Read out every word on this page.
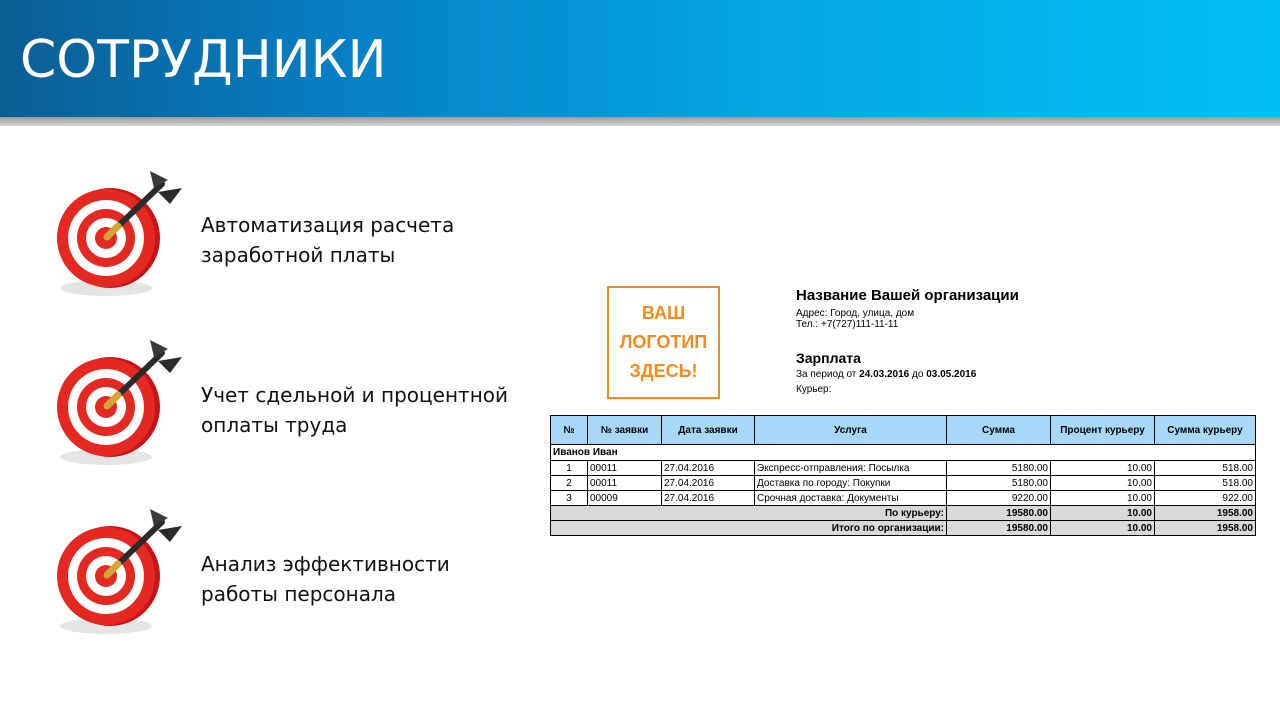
СОТРУДНИКИ
Автоматизация расчета
заработной платы
Учет сдельной и процентной
оплаты труда
Анализ эффективности
работы персонала
ВАШ
ЛОГОТИП
ЗДЕСЬ!
Название Вашей организации
Адрес: Город, улица, дом
Тел.: +7(727)111-11-11
Зарплата
За период от 24.03.2016 до 03.05.2016
Курьер:
№	№ заявки	Дата заявки	Услуга	Сумма	Процент курьеру	Сумма курьеру
Иванов Иван						
1	00011	27.04.2016	Экспресс-отправления: Посылка	5180.00	10.00	518.00
2	00011	27.04.2016	Доставка по городу: Покупки	5180.00	10.00	518.00
3	00009	27.04.2016	Срочная доставка: Документы	9220.00	10.00	922.00
По курьеру:				19580.00	10.00	1958.00
Итого по организации:				19580.00	10.00	1958.00
